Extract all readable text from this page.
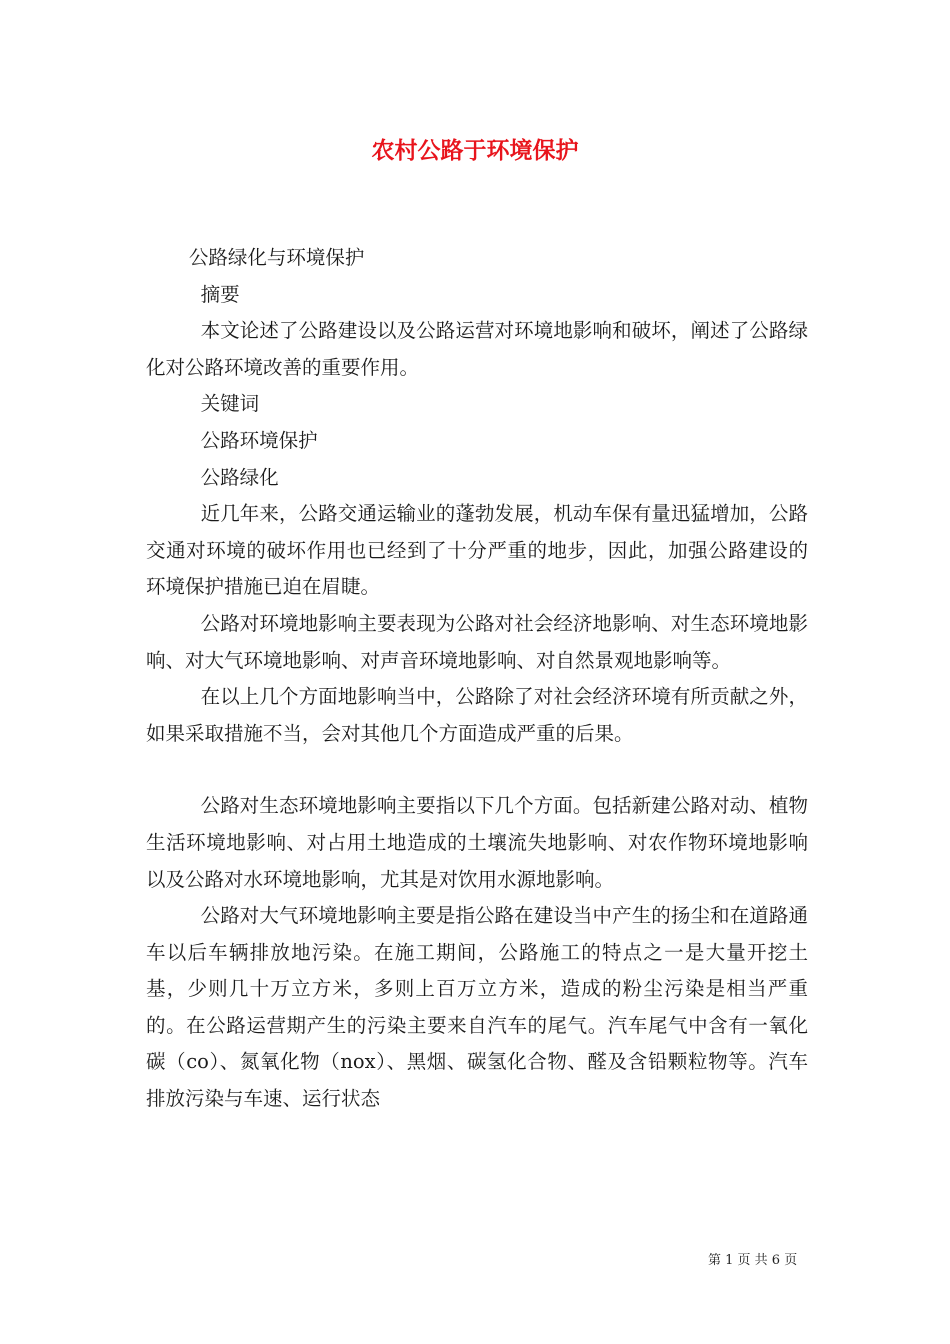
农村公路于环境保护

公路绿化与环境保护

摘要

本文论述了公路建设以及公路运营对环境地影响和破坏，阐述了公路绿化对公路环境改善的重要作用。

关键词

公路环境保护

公路绿化

近几年来，公路交通运输业的蓬勃发展，机动车保有量迅猛增加，公路交通对环境的破坏作用也已经到了十分严重的地步，因此，加强公路建设的环境保护措施已迫在眉睫。

公路对环境地影响主要表现为公路对社会经济地影响、对生态环境地影响、对大气环境地影响、对声音环境地影响、对自然景观地影响等。

在以上几个方面地影响当中，公路除了对社会经济环境有所贡献之外，如果采取措施不当，会对其他几个方面造成严重的后果。

公路对生态环境地影响主要指以下几个方面。包括新建公路对动、植物生活环境地影响、对占用土地造成的土壤流失地影响、对农作物环境地影响以及公路对水环境地影响，尤其是对饮用水源地影响。

公路对大气环境地影响主要是指公路在建设当中产生的扬尘和在道路通车以后车辆排放地污染。在施工期间，公路施工的特点之一是大量开挖土基，少则几十万立方米，多则上百万立方米，造成的粉尘污染是相当严重的。在公路运营期产生的污染主要来自汽车的尾气。汽车尾气中含有一氧化碳（co）、氮氧化物（nox）、黑烟、碳氢化合物、醛及含铅颗粒物等。汽车排放污染与车速、运行状态

第 1 页 共 6 页
